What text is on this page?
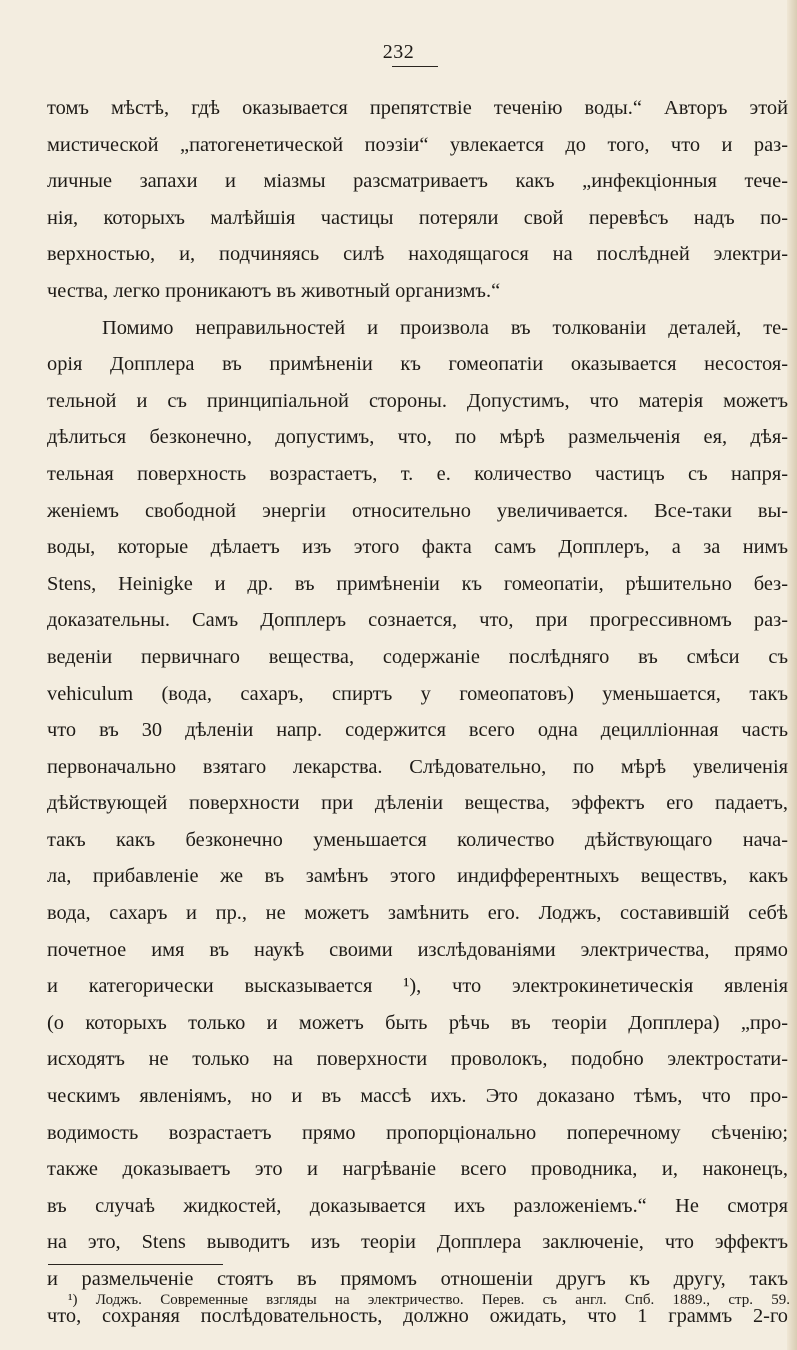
232
томъ мѣстѣ, гдѣ оказывается препятствіе теченію воды.“ Авторъ этой
мистической „патогенетической поэзіи“ увлекается до того, что и раз-
личные запахи и міазмы разсматриваетъ какъ „инфекціонныя тече-
нія, которыхъ малѣйшія частицы потеряли свой перевѣсъ надъ по-
верхностью, и, подчиняясь силѣ находящагося на послѣдней электри-
чества, легко проникаютъ въ животный организмъ.“
Помимо неправильностей и произвола въ толкованіи деталей, те-
орія Допплера въ примѣненіи къ гомеопатіи оказывается несостоя-
тельной и съ принципіальной стороны. Допустимъ, что матерія можетъ
дѣлиться безконечно, допустимъ, что, по мѣрѣ размельченія ея, дѣя-
тельная поверхность возрастаетъ, т. е. количество частицъ съ напря-
женіемъ свободной энергіи относительно увеличивается. Все-таки вы-
воды, которые дѣлаетъ изъ этого факта самъ Допплеръ, а за нимъ
Stens, Heinigke и др. въ примѣненіи къ гомеопатіи, рѣшительно без-
доказательны. Самъ Допплеръ сознается, что, при прогрессивномъ раз-
веденіи первичнаго вещества, содержаніе послѣдняго въ смѣси съ
vehiculum (вода, сахаръ, спиртъ у гомеопатовъ) уменьшается, такъ
что въ 30 дѣленіи напр. содержится всего одна децилліонная часть
первоначально взятаго лекарства. Слѣдовательно, по мѣрѣ увеличенія
дѣйствующей поверхности при дѣленіи вещества, эффектъ его падаетъ,
такъ какъ безконечно уменьшается количество дѣйствующаго нача-
ла, прибавленіе же въ замѣнъ этого индифферентныхъ веществъ, какъ
вода, сахаръ и пр., не можетъ замѣнить его. Лоджъ, составившій себѣ
почетное имя въ наукѣ своими изслѣдованіями электричества, прямо
и категорически высказывается ¹), что электрокинетическія явленія
(о которыхъ только и можетъ быть рѣчь въ теоріи Допплера) „про-
исходятъ не только на поверхности проволокъ, подобно электростати-
ческимъ явленіямъ, но и въ массѣ ихъ. Это доказано тѣмъ, что про-
водимость возрастаетъ прямо пропорціонально поперечному сѣченію;
также доказываетъ это и нагрѣваніе всего проводника, и, наконецъ,
въ случаѣ жидкостей, доказывается ихъ разложеніемъ.“ Не смотря
на это, Stens выводитъ изъ теоріи Допплера заключеніе, что эффектъ
и размельченіе стоятъ въ прямомъ отношеніи другъ къ другу, такъ
что, сохраняя послѣдовательность, должно ожидать, что 1 граммъ 2-го
¹) Лоджъ. Современные взгляды на электричество. Перев. съ англ. Спб. 1889., стр. 59.
